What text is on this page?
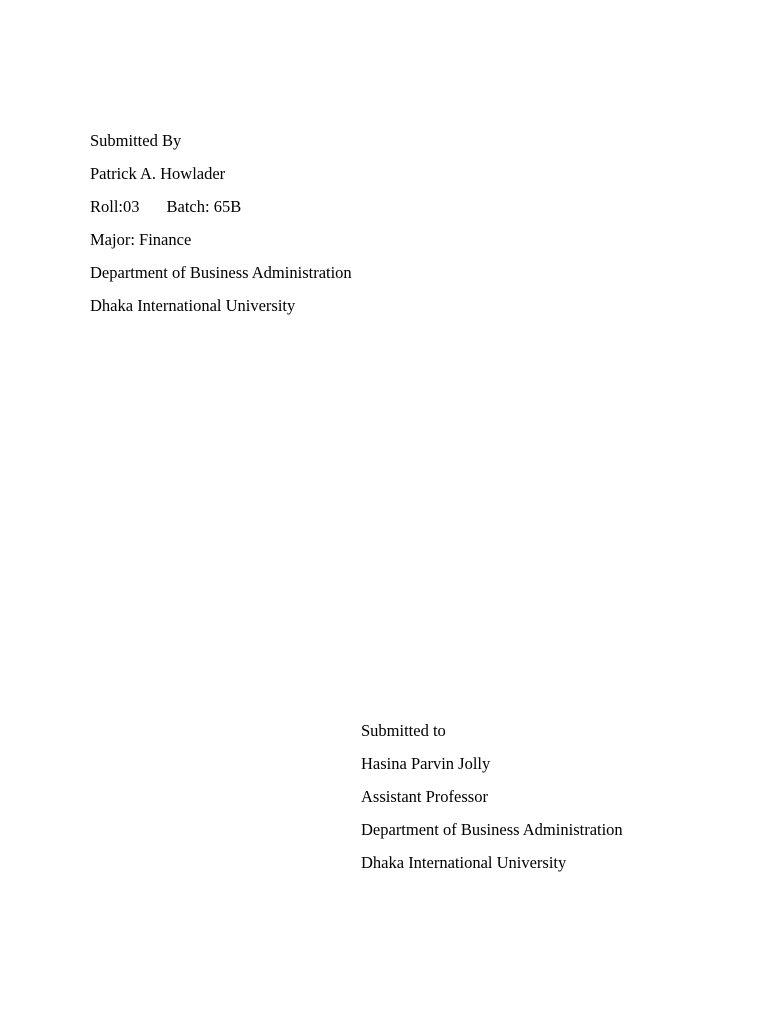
Submitted By
Patrick A. Howlader
Roll:03 Batch: 65B
Major: Finance
Department of Business Administration
Dhaka International University
Submitted to
Hasina Parvin Jolly
Assistant Professor
Department of Business Administration
Dhaka International University
